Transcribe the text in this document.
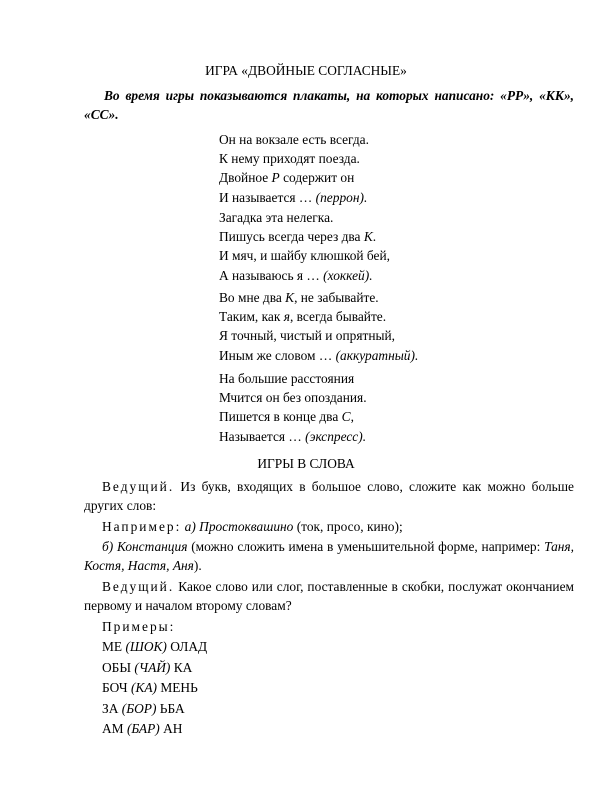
ИГРА «ДВОЙНЫЕ СОГЛАСНЫЕ»
Во время игры показываются плакаты, на которых написано: «РР», «КК», «СС».
Он на вокзале есть всегда.
К нему приходят поезда.
Двойное Р содержит он
И называется … (перрон).
Загадка эта нелегка.
Пишусь всегда через два К.
И мяч, и шайбу клюшкой бей,
А называюсь я … (хоккей).
Во мне два К, не забывайте.
Таким, как я, всегда бывайте.
Я точный, чистый и опрятный,
Иным же словом … (аккуратный).
На большие расстояния
Мчится он без опоздания.
Пишется в конце два С,
Называется … (экспресс).
ИГРЫ В СЛОВА
Ведущий. Из букв, входящих в большое слово, сложите как можно больше других слов:
Например: а) Простоквашино (ток, просо, кино);
б) Констанция (можно сложить имена в уменьшительной форме, например: Таня, Костя, Настя, Аня).
Ведущий. Какое слово или слог, поставленные в скобки, послужат окончанием первому и началом второму словам?
Примеры:
МЕ (ШОК) ОЛАД
ОБЫ (ЧАЙ) КА
БОЧ (КА) МЕНЬ
ЗА (БОР) ЬБА
АМ (БАР) АН
